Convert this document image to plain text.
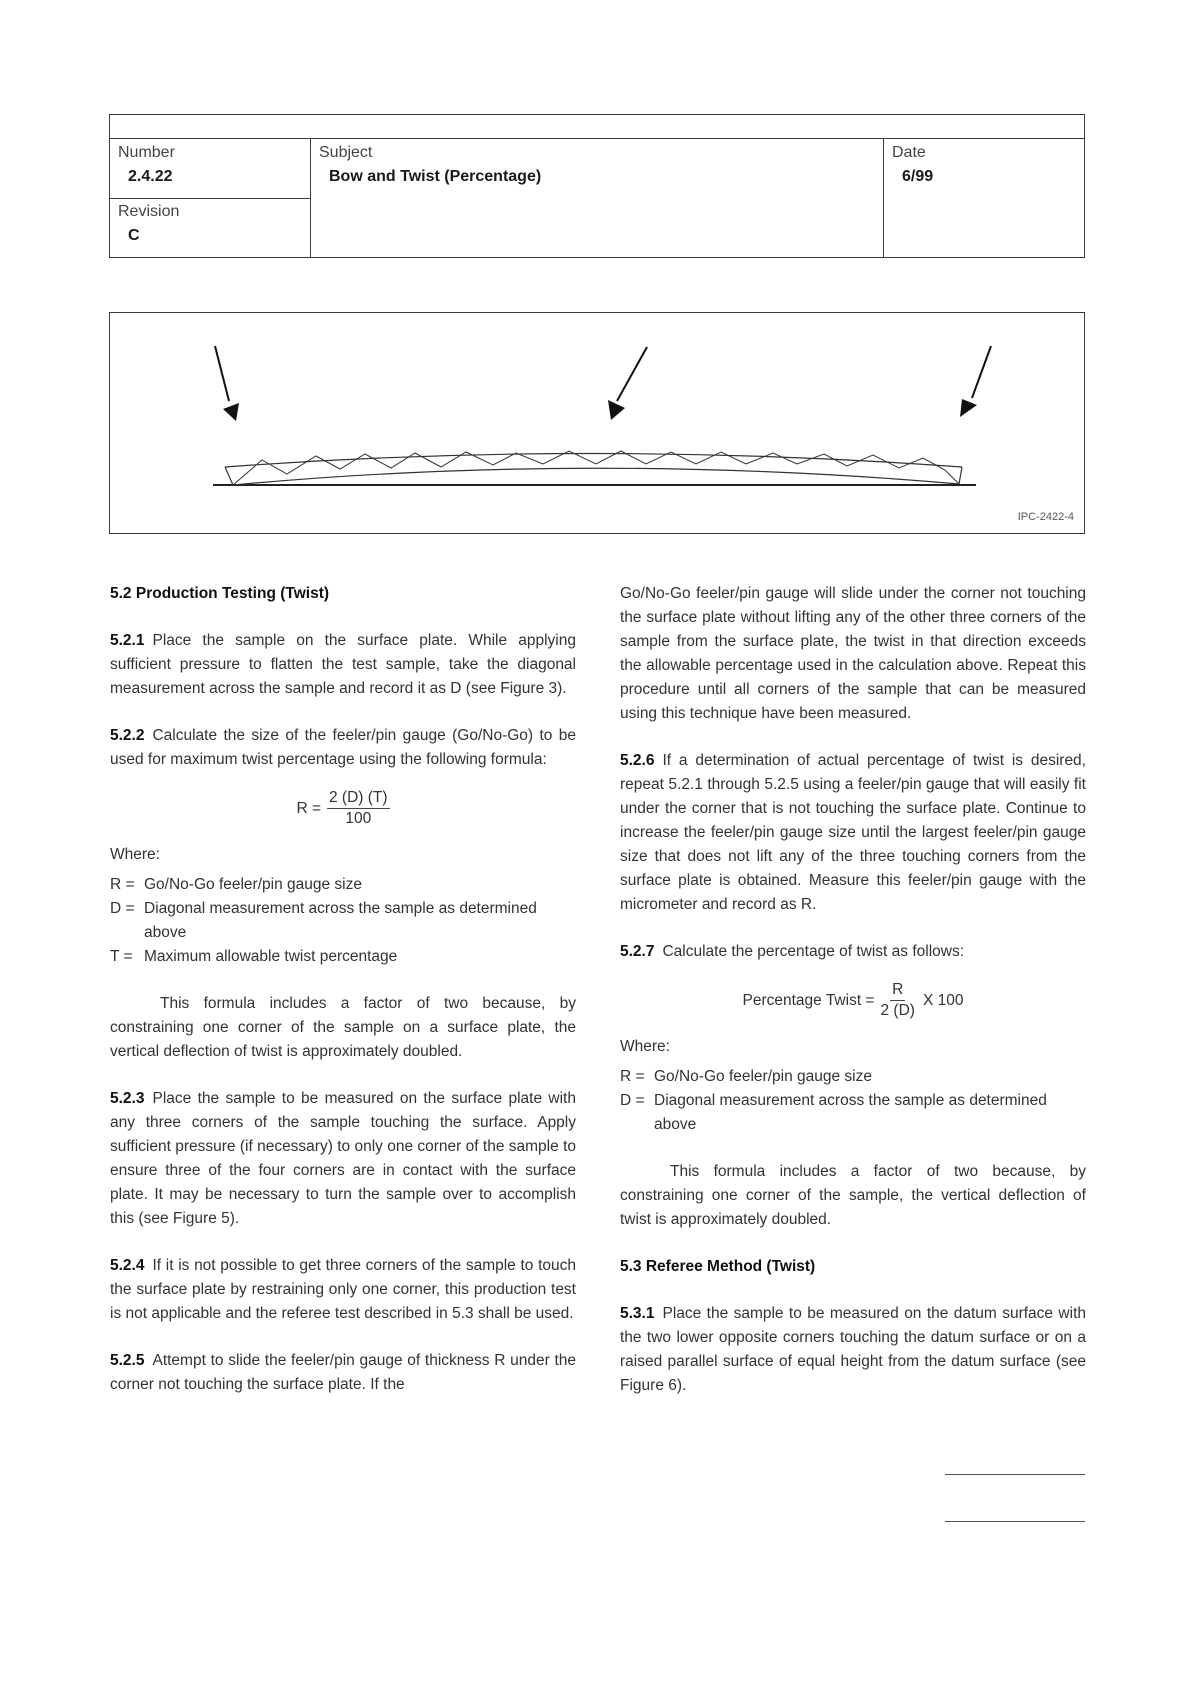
Number
2.4.22
Revision
C
Subject
Bow and Twist (Percentage)
Date
6/99
IPC-2422-4
5.2 Production Testing (Twist)

5.2.1 Place the sample on the surface plate. While applying sufficient pressure to flatten the test sample, take the diagonal measurement across the sample and record it as D (see Figure 3).

5.2.2 Calculate the size of the feeler/pin gauge (Go/No-Go) to be used for maximum twist percentage using the following formula:

$R = \frac{2 (D) (T)}{100}$
Where:
R = Go/No-Go feeler/pin gauge size
D = Diagonal measurement across the sample as determined above
T = Maximum allowable twist percentage

This formula includes a factor of two because, by constraining one corner of the sample on a surface plate, the vertical deflection of twist is approximately doubled.

5.2.3 Place the sample to be measured on the surface plate with any three corners of the sample touching the surface. Apply sufficient pressure (if necessary) to only one corner of the sample to ensure three of the four corners are in contact with the surface plate. It may be necessary to turn the sample over to accomplish this (see Figure 5).

5.2.4 If it is not possible to get three corners of the sample to touch the surface plate by restraining only one corner, this production test is not applicable and the referee test described in 5.3 shall be used.

5.2.5 Attempt to slide the feeler/pin gauge of thickness R under the corner not touching the surface plate. If the

Go/No-Go feeler/pin gauge will slide under the corner not touching the surface plate without lifting any of the other three corners of the sample from the surface plate, the twist in that direction exceeds the allowable percentage used in the calculation above. Repeat this procedure until all corners of the sample that can be measured using this technique have been measured.

5.2.6 If a determination of actual percentage of twist is desired, repeat 5.2.1 through 5.2.5 using a feeler/pin gauge that will easily fit under the corner that is not touching the surface plate. Continue to increase the feeler/pin gauge size until the largest feeler/pin gauge size that does not lift any of the three touching corners from the surface plate is obtained. Measure this feeler/pin gauge with the micrometer and record as R.

5.2.7 Calculate the percentage of twist as follows:

Percentage Twist = $\frac{R}{2 (D)}$ X 100
Where:
R = Go/No-Go feeler/pin gauge size
D = Diagonal measurement across the sample as determined above

This formula includes a factor of two because, by constraining one corner of the sample, the vertical deflection of twist is approximately doubled.

5.3 Referee Method (Twist)

5.3.1 Place the sample to be measured on the datum surface with the two lower opposite corners touching the datum surface or on a raised parallel surface of equal height from the datum surface (see Figure 6).
